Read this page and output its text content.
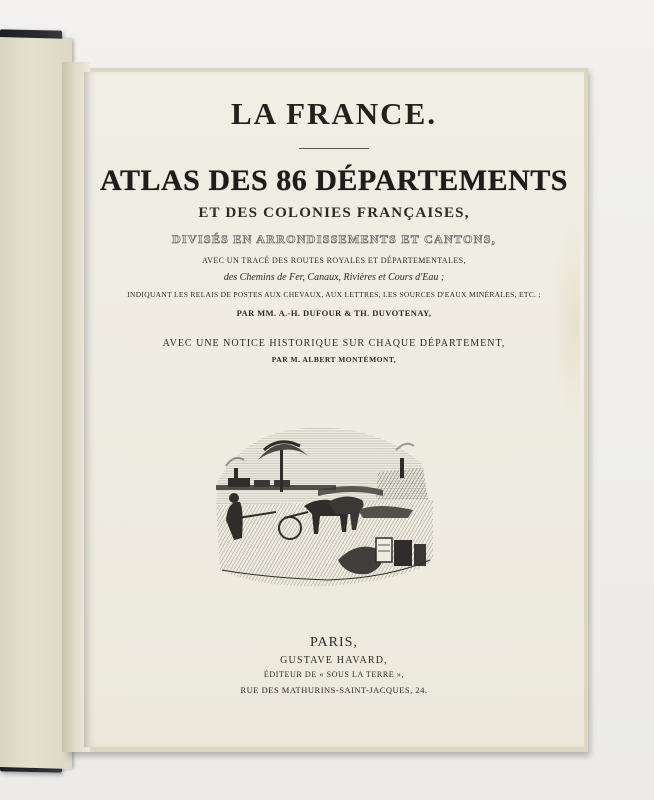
LA FRANCE.
ATLAS DES 86 DÉPARTEMENTS
ET DES COLONIES FRANÇAISES,
DIVISÉS EN ARRONDISSEMENTS ET CANTONS,
AVEC UN TRACÉ DES ROUTES ROYALES ET DÉPARTEMENTALES,
des Chemins de Fer, Canaux, Rivières et Cours d'Eau ;
INDIQUANT LES RELAIS DE POSTES AUX CHEVAUX, AUX LETTRES, LES SOURCES D'EAUX MINÉRALES, ETC. ;
PAR MM. A.-H. DUFOUR & TH. DUVOTENAY,
AVEC UNE NOTICE HISTORIQUE SUR CHAQUE DÉPARTEMENT,
PAR M. ALBERT MONTÉMONT,
PARIS,
GUSTAVE HAVARD,
ÉDITEUR DE « SOUS LA TERRE »,
RUE DES MATHURINS-SAINT-JACQUES, 24.
